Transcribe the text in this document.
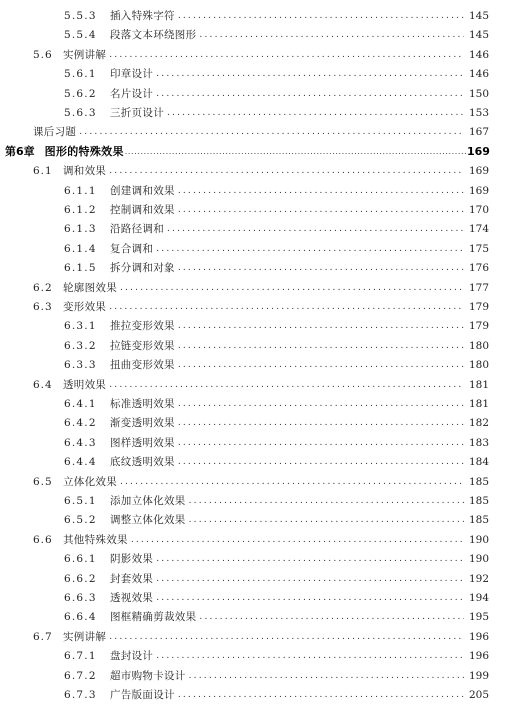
5.5.3	插入特殊字符 .....	145
5.5.4	段落文本环绕图形 .....	145
5.6 实例讲解 .....	146
5.6.1	印章设计 .....	146
5.6.2	名片设计 .....	150
5.6.3	三折页设计 .....	153
课后习题 .....	167
第6章 图形的特殊效果 .....	169
6.1 调和效果 .....	169
6.1.1	创建调和效果 .....	169
6.1.2	控制调和效果 .....	170
6.1.3	沿路径调和 .....	174
6.1.4	复合调和 .....	175
6.1.5	拆分调和对象 .....	176
6.2 轮廓图效果 .....	177
6.3 变形效果 .....	179
6.3.1	推拉变形效果 .....	179
6.3.2	拉链变形效果 .....	180
6.3.3	扭曲变形效果 .....	180
6.4 透明效果 .....	181
6.4.1	标准透明效果 .....	181
6.4.2	渐变透明效果 .....	182
6.4.3	图样透明效果 .....	183
6.4.4	底纹透明效果 .....	184
6.5 立体化效果 .....	185
6.5.1	添加立体化效果 .....	185
6.5.2	调整立体化效果 .....	185
6.6 其他特殊效果 .....	190
6.6.1	阴影效果 .....	190
6.6.2	封套效果 .....	192
6.6.3	透视效果 .....	194
6.6.4	图框精确剪裁效果 .....	195
6.7 实例讲解 .....	196
6.7.1	盘封设计 .....	196
6.7.2	超市购物卡设计 .....	199
6.7.3	广告版面设计 .....	205
